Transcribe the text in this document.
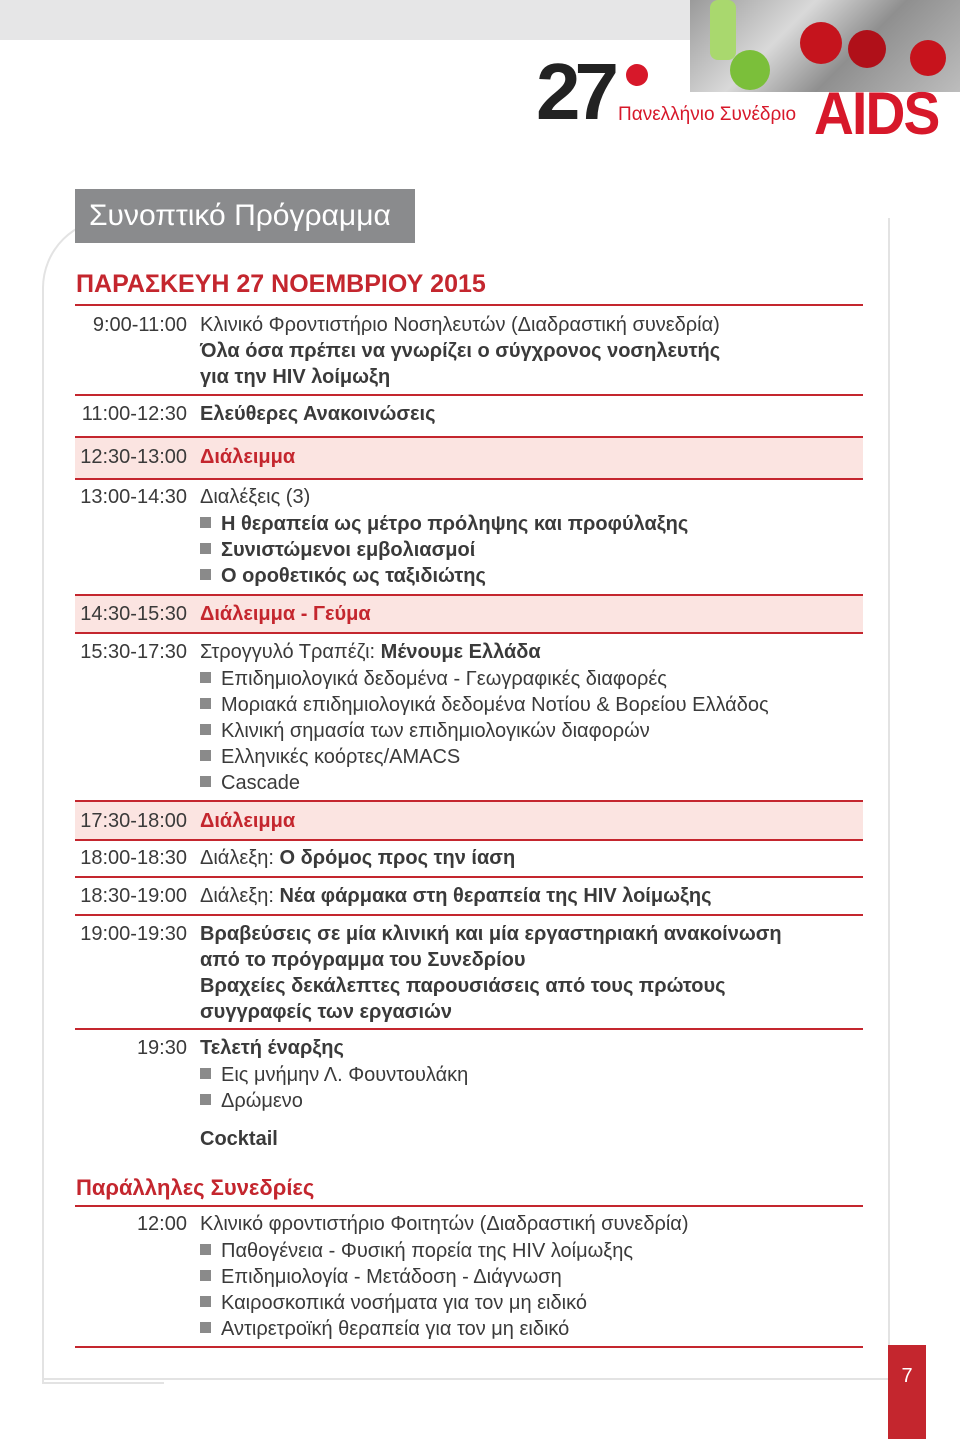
27 Πανελλήνιο Συνέδριο AIDS
Συνοπτικό Πρόγραμμα
ΠΑΡΑΣΚΕΥΗ 27 ΝΟΕΜΒΡΙΟΥ 2015
9:00-11:00 Κλινικό Φροντιστήριο Νοσηλευτών (Διαδραστική συνεδρία)
Όλα όσα πρέπει να γνωρίζει ο σύγχρονος νοσηλευτής
για την HIV λοίμωξη
11:00-12:30 Ελεύθερες Ανακοινώσεις
12:30-13:00 Διάλειμμα
13:00-14:30 Διαλέξεις (3)
Η θεραπεία ως μέτρο πρόληψης και προφύλαξης
Συνιστώμενοι εμβολιασμοί
Ο οροθετικός ως ταξιδιώτης
14:30-15:30 Διάλειμμα - Γεύμα
15:30-17:30 Στρογγυλό Τραπέζι: Μένουμε Ελλάδα
Επιδημιολογικά δεδομένα - Γεωγραφικές διαφορές
Μοριακά επιδημιολογικά δεδομένα Νοτίου & Βορείου Ελλάδος
Κλινική σημασία των επιδημιολογικών διαφορών
Ελληνικές κοόρτες/AMACS
Cascade
17:30-18:00 Διάλειμμα
18:00-18:30 Διάλεξη: Ο δρόμος προς την ίαση
18:30-19:00 Διάλεξη: Νέα φάρμακα στη θεραπεία της HIV λοίμωξης
19:00-19:30 Βραβεύσεις σε μία κλινική και μία εργαστηριακή ανακοίνωση
από το πρόγραμμα του Συνεδρίου
Βραχείες δεκάλεπτες παρουσιάσεις από τους πρώτους
συγγραφείς των εργασιών
19:30 Τελετή έναρξης
Εις μνήμην Λ. Φουντουλάκη
Δρώμενο
Cocktail
Παράλληλες Συνεδρίες
12:00 Κλινικό φροντιστήριο Φοιτητών (Διαδραστική συνεδρία)
Παθογένεια - Φυσική πορεία της HIV λοίμωξης
Επιδημιολογία - Μετάδοση - Διάγνωση
Καιροσκοπικά νοσήματα για τον μη ειδικό
Αντιρετροϊκή θεραπεία για τον μη ειδικό
7
